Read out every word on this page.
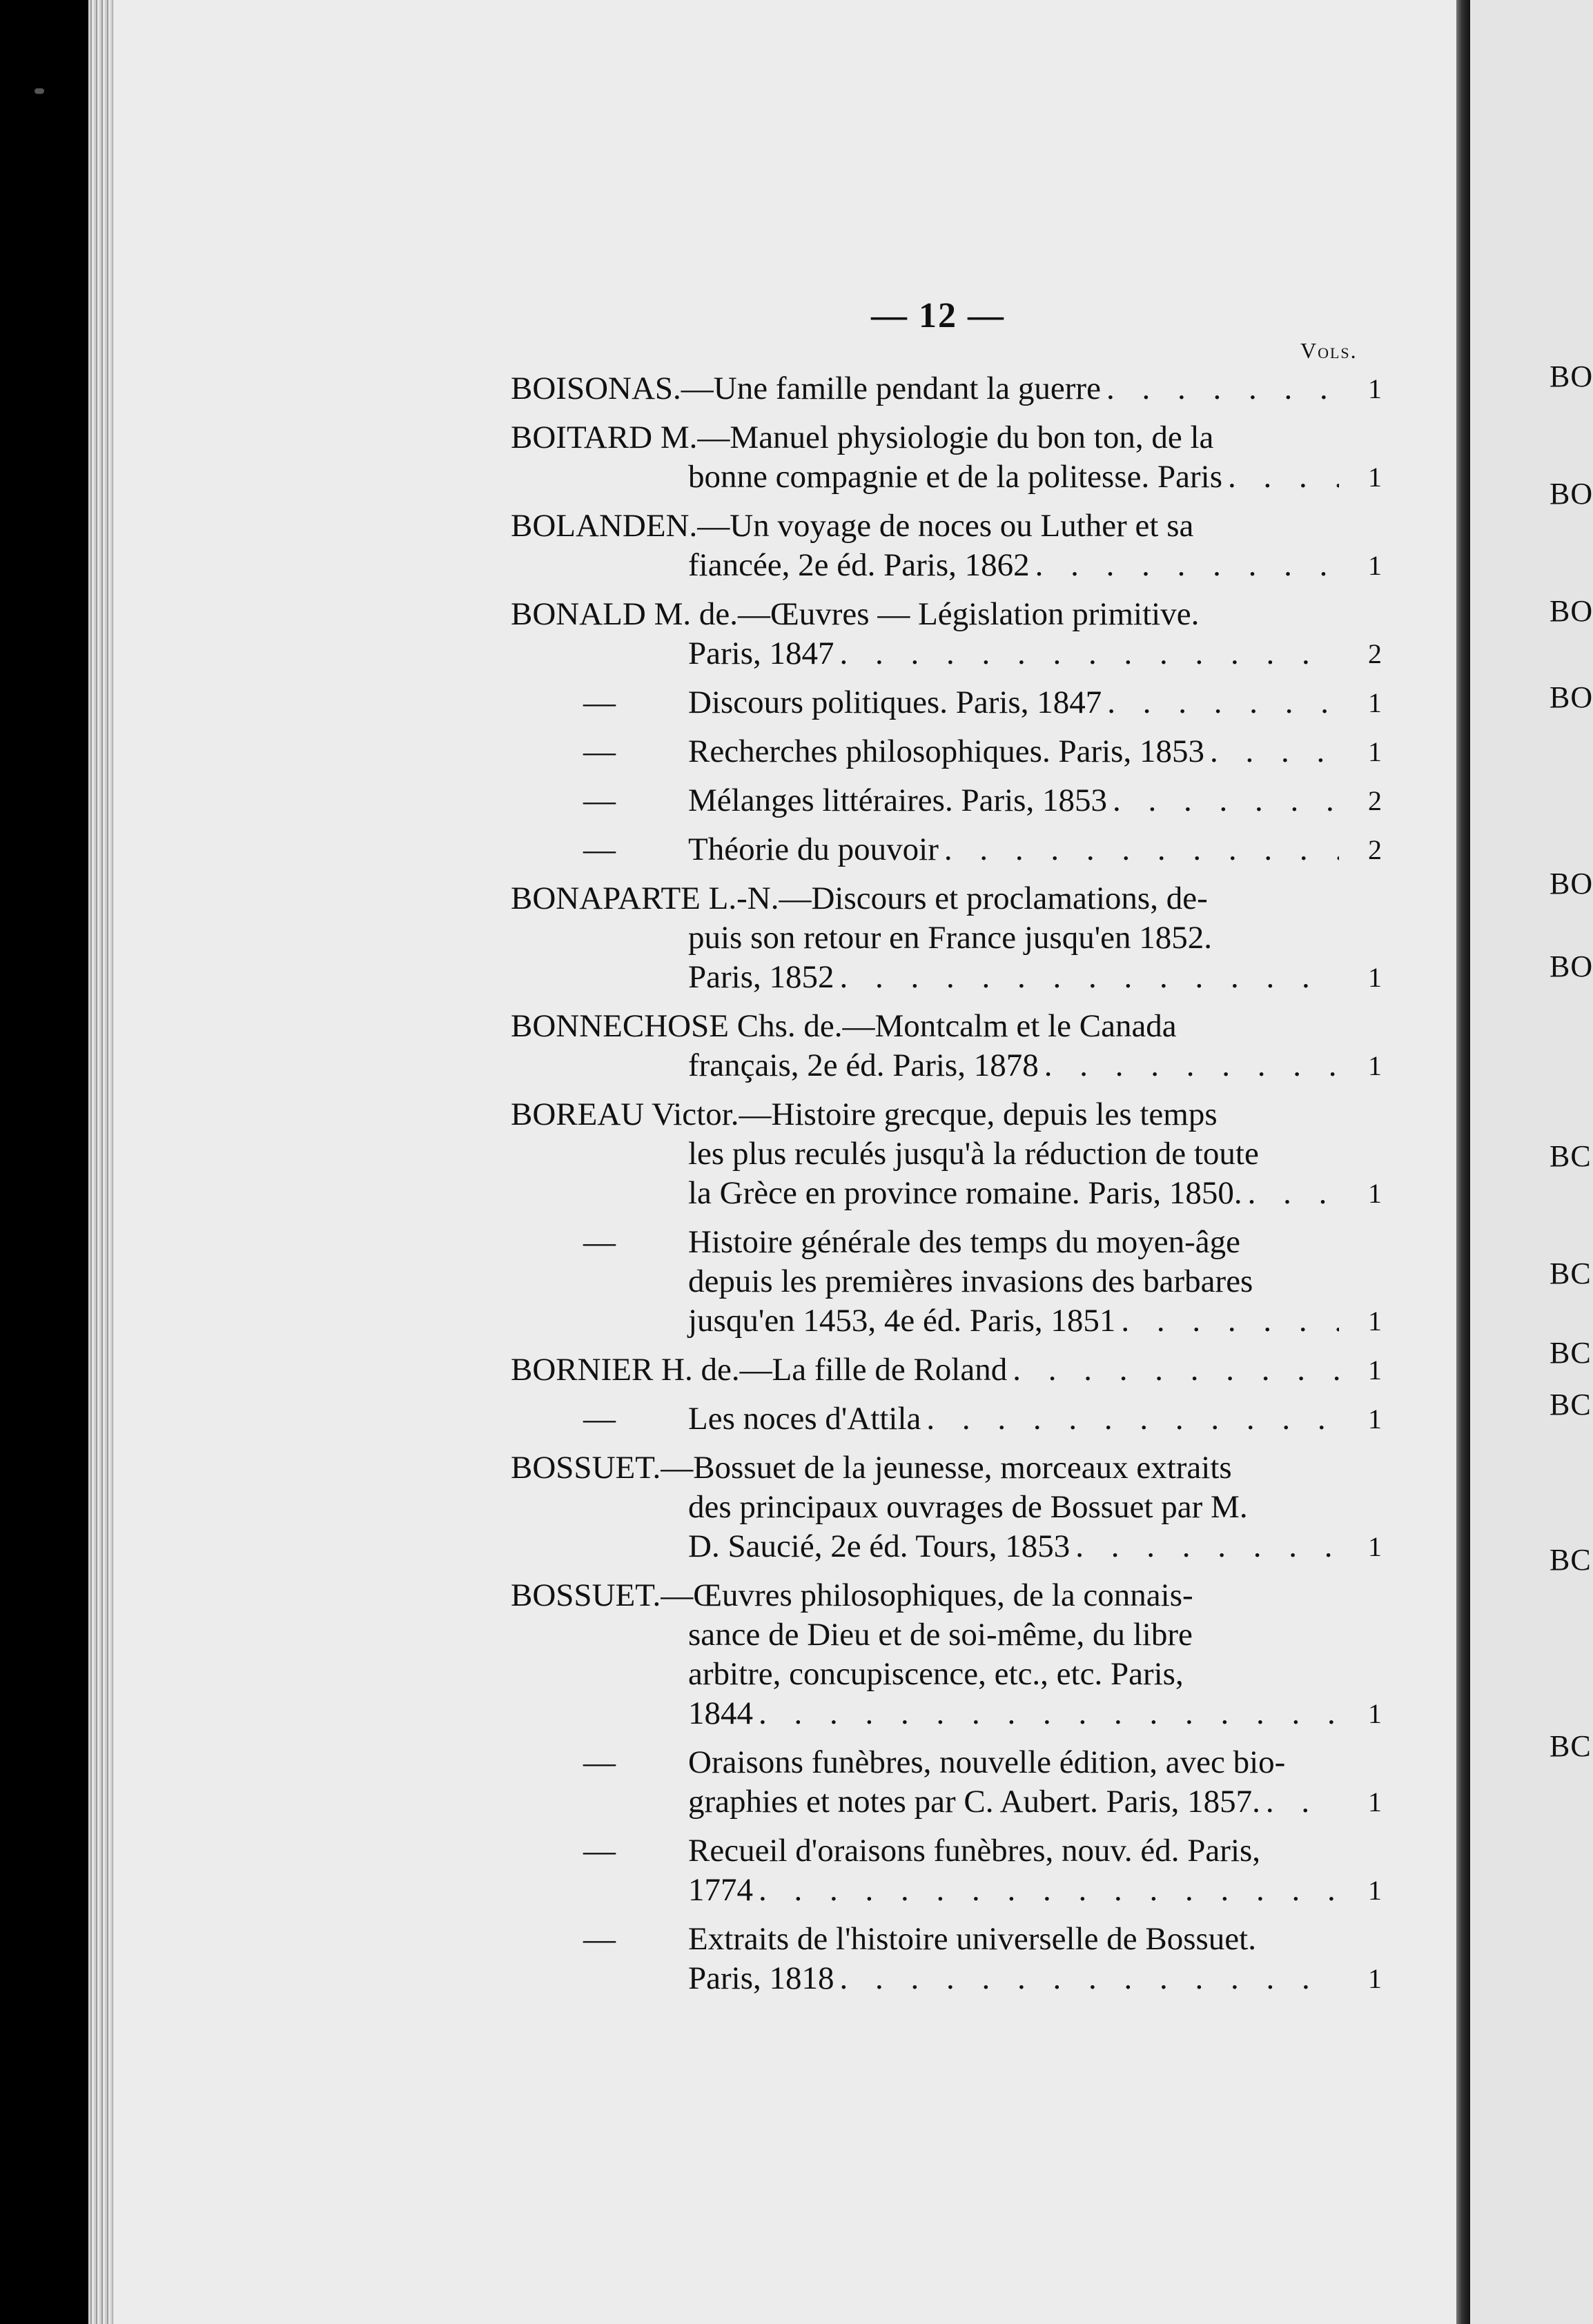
— 12 —
Vols.
BOISONAS.—Une famille pendant la guerre . . .	1
BOITARD M.—Manuel physiologie du bon ton, de la
bonne compagnie et de la politesse. Paris . . .	1
BOLANDEN.—Un voyage de noces ou Luther et sa
fiancée, 2e éd. Paris, 1862 . . .	1
BONALD M. de.—Œuvres — Législation primitive.
Paris, 1847 . . .	2
—	Discours politiques. Paris, 1847 . . .	1
—	Recherches philosophiques. Paris, 1853 . . .	1
—	Mélanges littéraires. Paris, 1853 . . .	2
—	Théorie du pouvoir . . .	2
BONAPARTE L.-N.—Discours et proclamations, de-
puis son retour en France jusqu'en 1852.
Paris, 1852 . . .	1
BONNECHOSE Chs. de.—Montcalm et le Canada
français, 2e éd. Paris, 1878 . . .	1
BOREAU Victor.—Histoire grecque, depuis les temps
les plus reculés jusqu'à la réduction de toute
la Grèce en province romaine. Paris, 1850. . . .	1
—	Histoire générale des temps du moyen-âge
depuis les premières invasions des barbares
jusqu'en 1453, 4e éd. Paris, 1851 . . .	1
BORNIER H. de.—La fille de Roland . . .	1
—	Les noces d'Attila . . .	1
BOSSUET.—Bossuet de la jeunesse, morceaux extraits
des principaux ouvrages de Bossuet par M.
D. Saucié, 2e éd. Tours, 1853 . . .	1
BOSSUET.—Œuvres philosophiques, de la connais-
sance de Dieu et de soi-même, du libre
arbitre, concupiscence, etc., etc. Paris,
1844 . . .	1
—	Oraisons funèbres, nouvelle édition, avec bio-
graphies et notes par C. Aubert. Paris, 1857. . . .	1
—	Recueil d'oraisons funèbres, nouv. éd. Paris,
1774 . . .	1
—	Extraits de l'histoire universelle de Bossuet.
Paris, 1818 . . .	1
BO
BO
BO
BO
BO
BO
BC
BC
BC
BC
BC
BC
